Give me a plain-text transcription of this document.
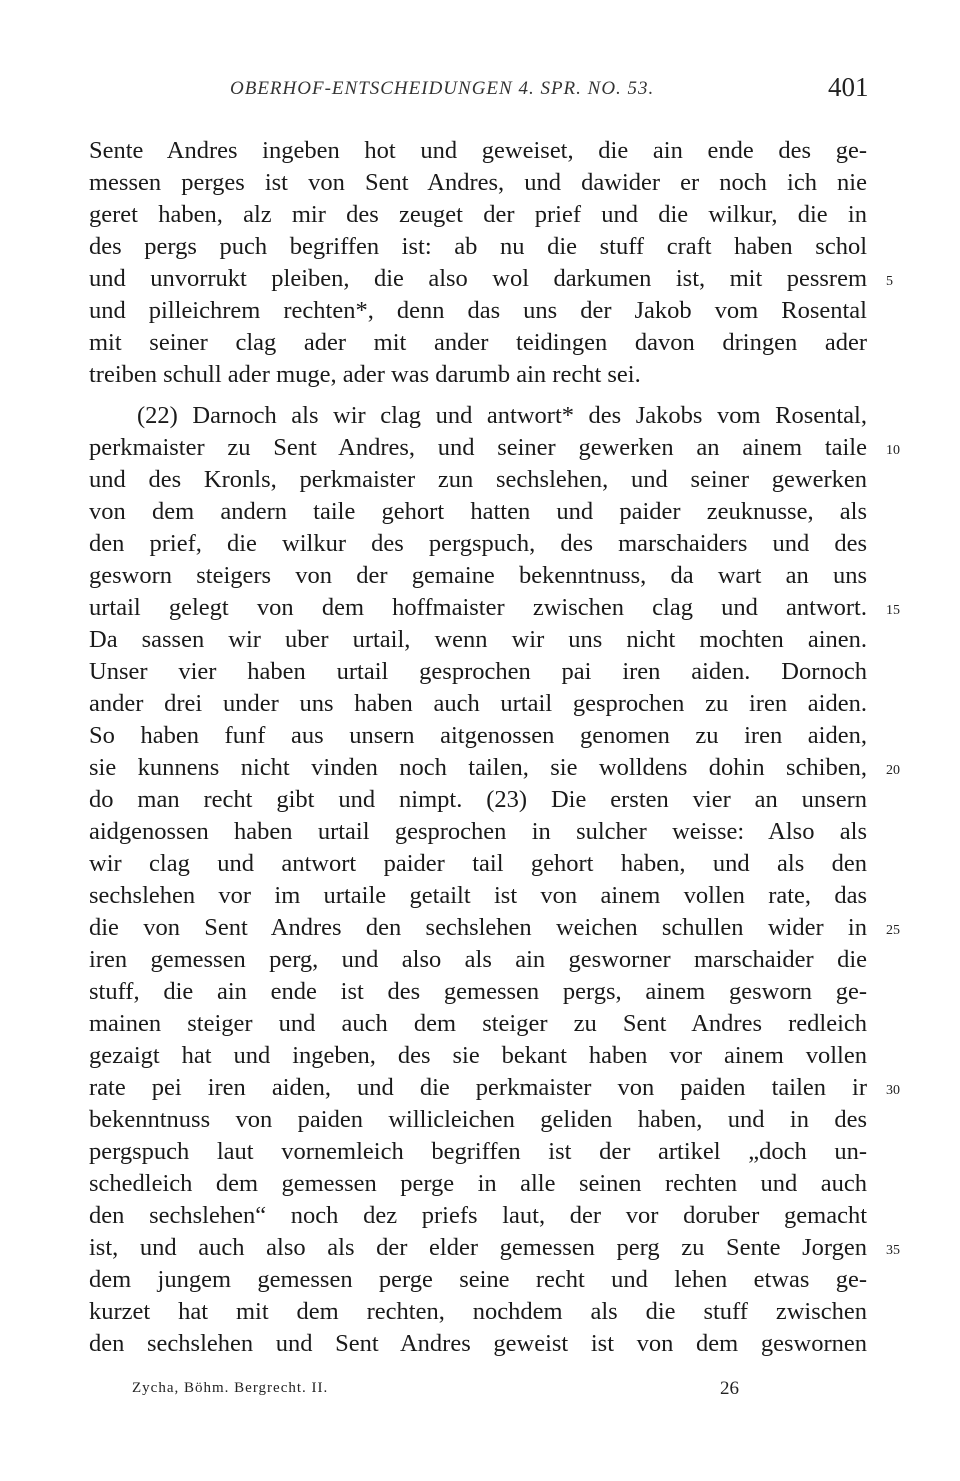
OBERHOF-ENTSCHEIDUNGEN 4. SPR. NO. 53.	401
Sente Andres ingeben hot und geweiset, die ain ende des ge-
messen perges ist von Sent Andres, und dawider er noch ich nie
geret haben, alz mir des zeuget der prief und die wilkur, die in
des pergs puch begriffen ist: ab nu die stuff craft haben schol
und unvorrukt pleiben, die also wol darkumen ist, mit pessrem
und pilleichrem rechten*, denn das uns der Jakob vom Rosental
mit seiner clag ader mit ander teidingen davon dringen ader
treiben schull ader muge, ader was darumb ain recht sei.
(22) Darnoch als wir clag und antwort* des Jakobs vom Rosental,
perkmaister zu Sent Andres, und seiner gewerken an ainem taile
und des Kronls, perkmaister zun sechslehen, und seiner gewerken
von dem andern taile gehort hatten und paider zeuknusse, als
den prief, die wilkur des pergspuch, des marschaiders und des
gesworn steigers von der gemaine bekenntnuss, da wart an uns
urtail gelegt von dem hoffmaister zwischen clag und antwort.
Da sassen wir uber urtail, wenn wir uns nicht mochten ainen.
Unser vier haben urtail gesprochen pai iren aiden. Dornoch
ander drei under uns haben auch urtail gesprochen zu iren aiden.
So haben funf aus unsern aitgenossen genomen zu iren aiden,
sie kunnens nicht vinden noch tailen, sie wolldens dohin schiben,
do man recht gibt und nimpt. (23) Die ersten vier an unsern
aidgenossen haben urtail gesprochen in sulcher weisse: Also als
wir clag und antwort paider tail gehort haben, und als den
sechslehen vor im urtaile getailt ist von ainem vollen rate, das
die von Sent Andres den sechslehen weichen schullen wider in
iren gemessen perg, und also als ain gesworner marschaider die
stuff, die ain ende ist des gemessen pergs, ainem gesworn ge-
mainen steiger und auch dem steiger zu Sent Andres redleich
gezaigt hat und ingeben, des sie bekant haben vor ainem vollen
rate pei iren aiden, und die perkmaister von paiden tailen ir
bekenntnuss von paiden willicleichen geliden haben, und in des
pergspuch laut vornemleich begriffen ist der artikel „doch un-
schedleich dem gemessen perge in alle seinen rechten und auch
den sechslehen“ noch dez priefs laut, der vor doruber gemacht
ist, und auch also als der elder gemessen perg zu Sente Jorgen
dem jungem gemessen perge seine recht und lehen etwas ge-
kurzet hat mit dem rechten, nochdem als die stuff zwischen
den sechslehen und Sent Andres geweist ist von dem geswornen
5
10
15
20
25
30
35
Zycha, Böhm. Bergrecht. II.	26
